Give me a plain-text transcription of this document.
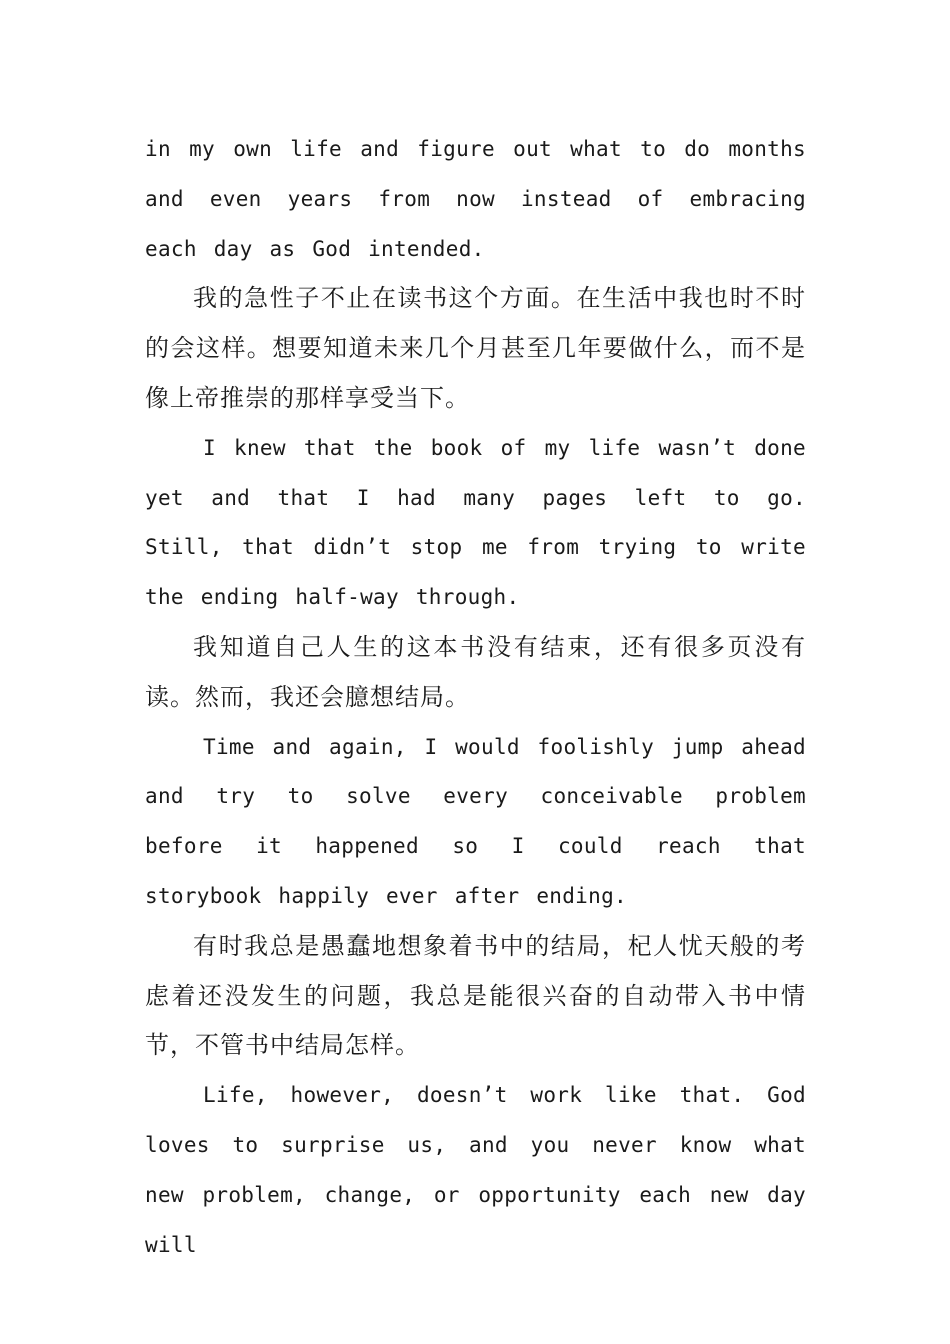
in my own life and figure out what to do months and even years from now instead of embracing each day as God intended.

我的急性子不止在读书这个方面。在生活中我也时不时的会这样。想要知道未来几个月甚至几年要做什么，而不是像上帝推崇的那样享受当下。

I knew that the book of my life wasn’t done yet and that I had many pages left to go. Still, that didn’t stop me from trying to write the ending half-way through.

我知道自己人生的这本书没有结束，还有很多页没有读。然而，我还会臆想结局。

Time and again, I would foolishly jump ahead and try to solve every conceivable problem before it happened so I could reach that storybook happily ever after ending.

有时我总是愚蠢地想象着书中的结局，杞人忧天般的考虑着还没发生的问题，我总是能很兴奋的自动带入书中情节，不管书中结局怎样。

Life, however, doesn’t work like that. God loves to surprise us, and you never know what new problem, change, or opportunity each new day will
